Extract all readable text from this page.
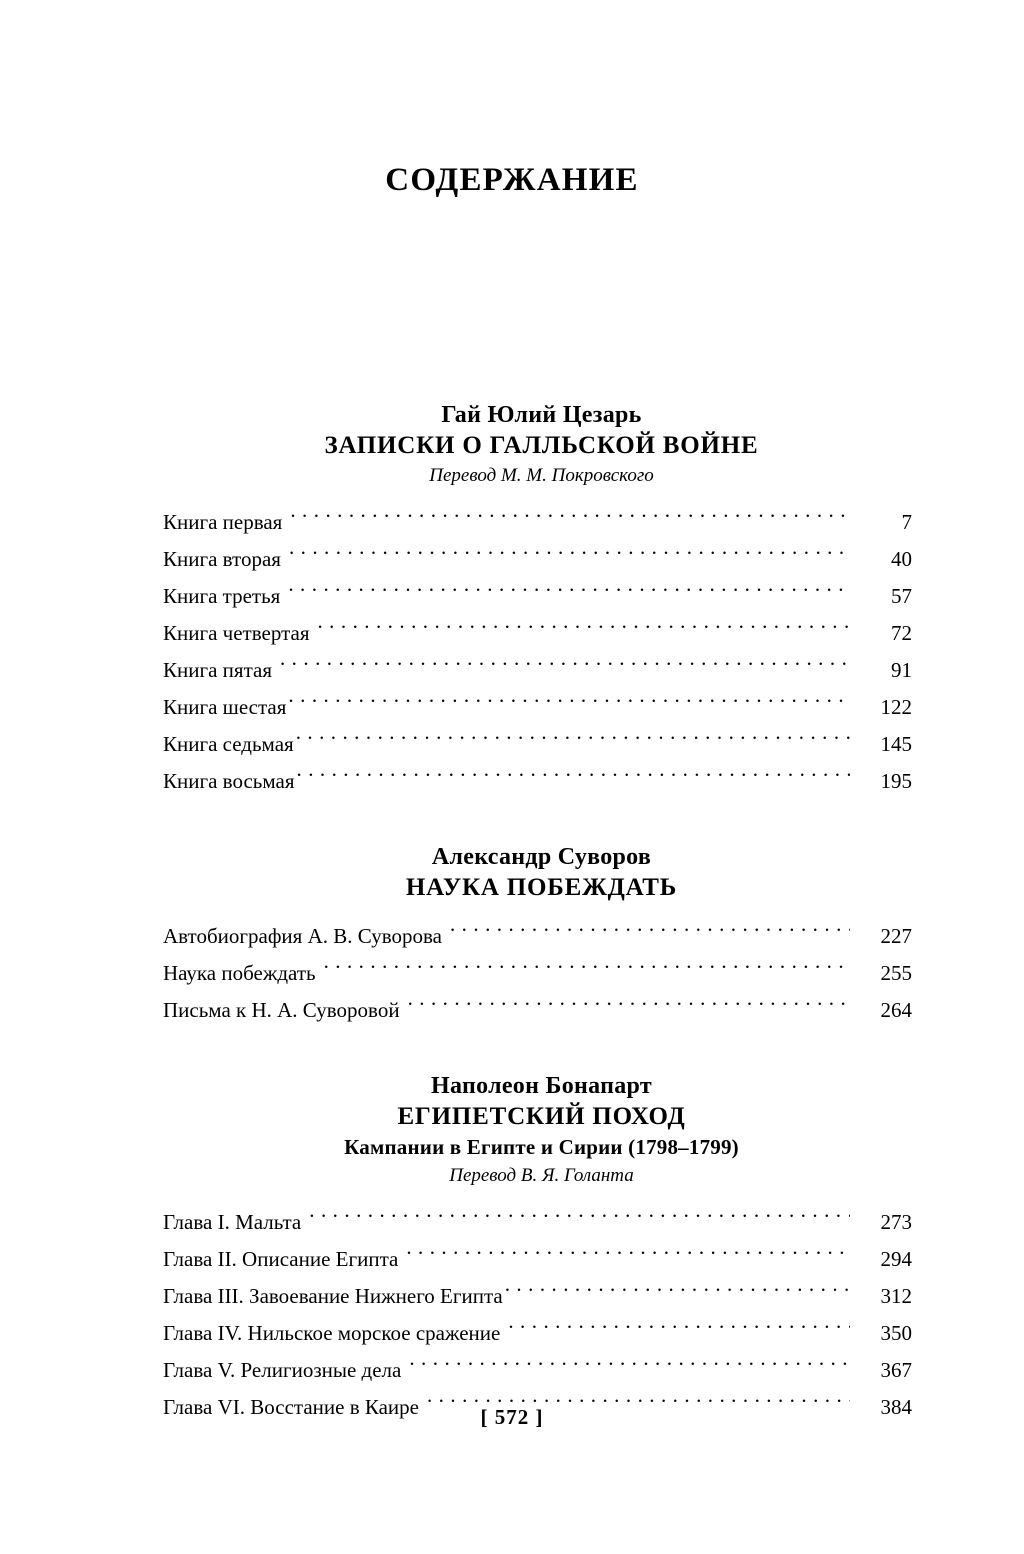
СОДЕРЖАНИЕ
Гай Юлий Цезарь
ЗАПИСКИ О ГАЛЛЬСКОЙ ВОЙНЕ
Перевод М. М. Покровского
Книга первая . . .	7
Книга вторая . . .	40
Книга третья . . .	57
Книга четвертая . . .	72
Книга пятая . . .	91
Книга шестая . . .	122
Книга седьмая . . .	145
Книга восьмая . . .	195
Александр Суворов
НАУКА ПОБЕЖДАТЬ
Автобиография А. В. Суворова . . .	227
Наука побеждать . . .	255
Письма к Н. А. Суворовой . . .	264
Наполеон Бонапарт
ЕГИПЕТСКИЙ ПОХОД
Кампании в Египте и Сирии (1798–1799)
Перевод В. Я. Голанта
Глава I. Мальта . . .	273
Глава II. Описание Египта . . .	294
Глава III. Завоевание Нижнего Египта . . .	312
Глава IV. Нильское морское сражение . . .	350
Глава V. Религиозные дела . . .	367
Глава VI. Восстание в Каире . . .	384
[ 572 ]
